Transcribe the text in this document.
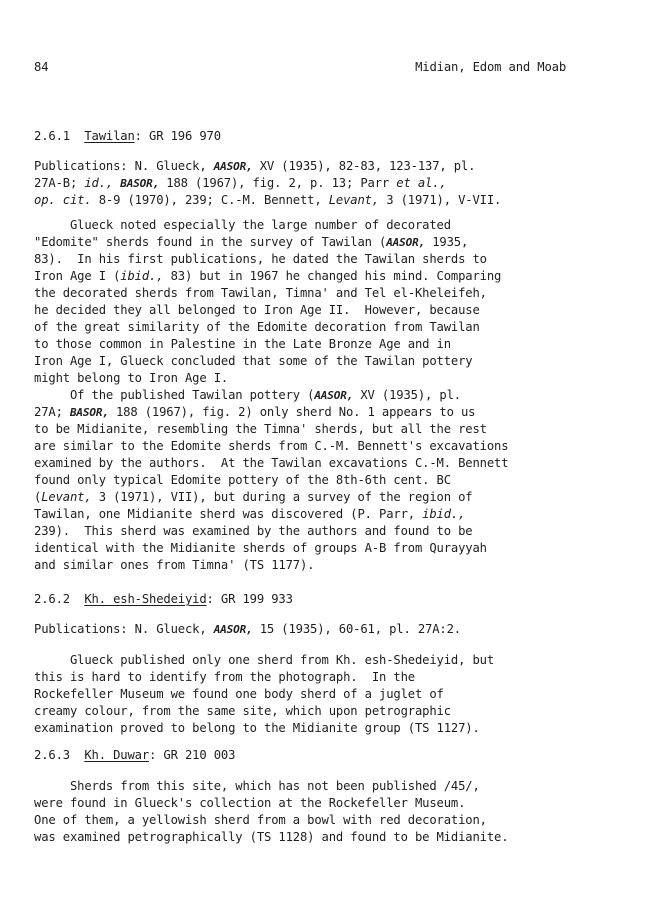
84	Midian, Edom and Moab
2.6.1  Tawilan: GR 196 970
Publications: N. Glueck, AASOR, XV (1935), 82-83, 123-137, pl.
27A-B; id., BASOR, 188 (1967), fig. 2, p. 13; Parr et al.,
op. cit. 8-9 (1970), 239; C.-M. Bennett, Levant, 3 (1971), V-VII.
Glueck noted especially the large number of decorated
"Edomite" sherds found in the survey of Tawilan (AASOR, 1935,
83).  In his first publications, he dated the Tawilan sherds to
Iron Age I (ibid., 83) but in 1967 he changed his mind. Comparing
the decorated sherds from Tawilan, Timna' and Tel el-Kheleifeh,
he decided they all belonged to Iron Age II.  However, because
of the great similarity of the Edomite decoration from Tawilan
to those common in Palestine in the Late Bronze Age and in
Iron Age I, Glueck concluded that some of the Tawilan pottery
might belong to Iron Age I.
Of the published Tawilan pottery (AASOR, XV (1935), pl.
27A; BASOR, 188 (1967), fig. 2) only sherd No. 1 appears to us
to be Midianite, resembling the Timna' sherds, but all the rest
are similar to the Edomite sherds from C.-M. Bennett's excavations
examined by the authors.  At the Tawilan excavations C.-M. Bennett
found only typical Edomite pottery of the 8th-6th cent. BC
(Levant, 3 (1971), VII), but during a survey of the region of
Tawilan, one Midianite sherd was discovered (P. Parr, ibid.,
239).  This sherd was examined by the authors and found to be
identical with the Midianite sherds of groups A-B from Qurayyah
and similar ones from Timna' (TS 1177).
2.6.2  Kh. esh-Shedeiyid: GR 199 933
Publications: N. Glueck, AASOR, 15 (1935), 60-61, pl. 27A:2.
Glueck published only one sherd from Kh. esh-Shedeiyid, but
this is hard to identify from the photograph.  In the
Rockefeller Museum we found one body sherd of a juglet of
creamy colour, from the same site, which upon petrographic
examination proved to belong to the Midianite group (TS 1127).
2.6.3  Kh. Duwar: GR 210 003
Sherds from this site, which has not been published /45/,
were found in Glueck's collection at the Rockefeller Museum.
One of them, a yellowish sherd from a bowl with red decoration,
was examined petrographically (TS 1128) and found to be Midianite.
